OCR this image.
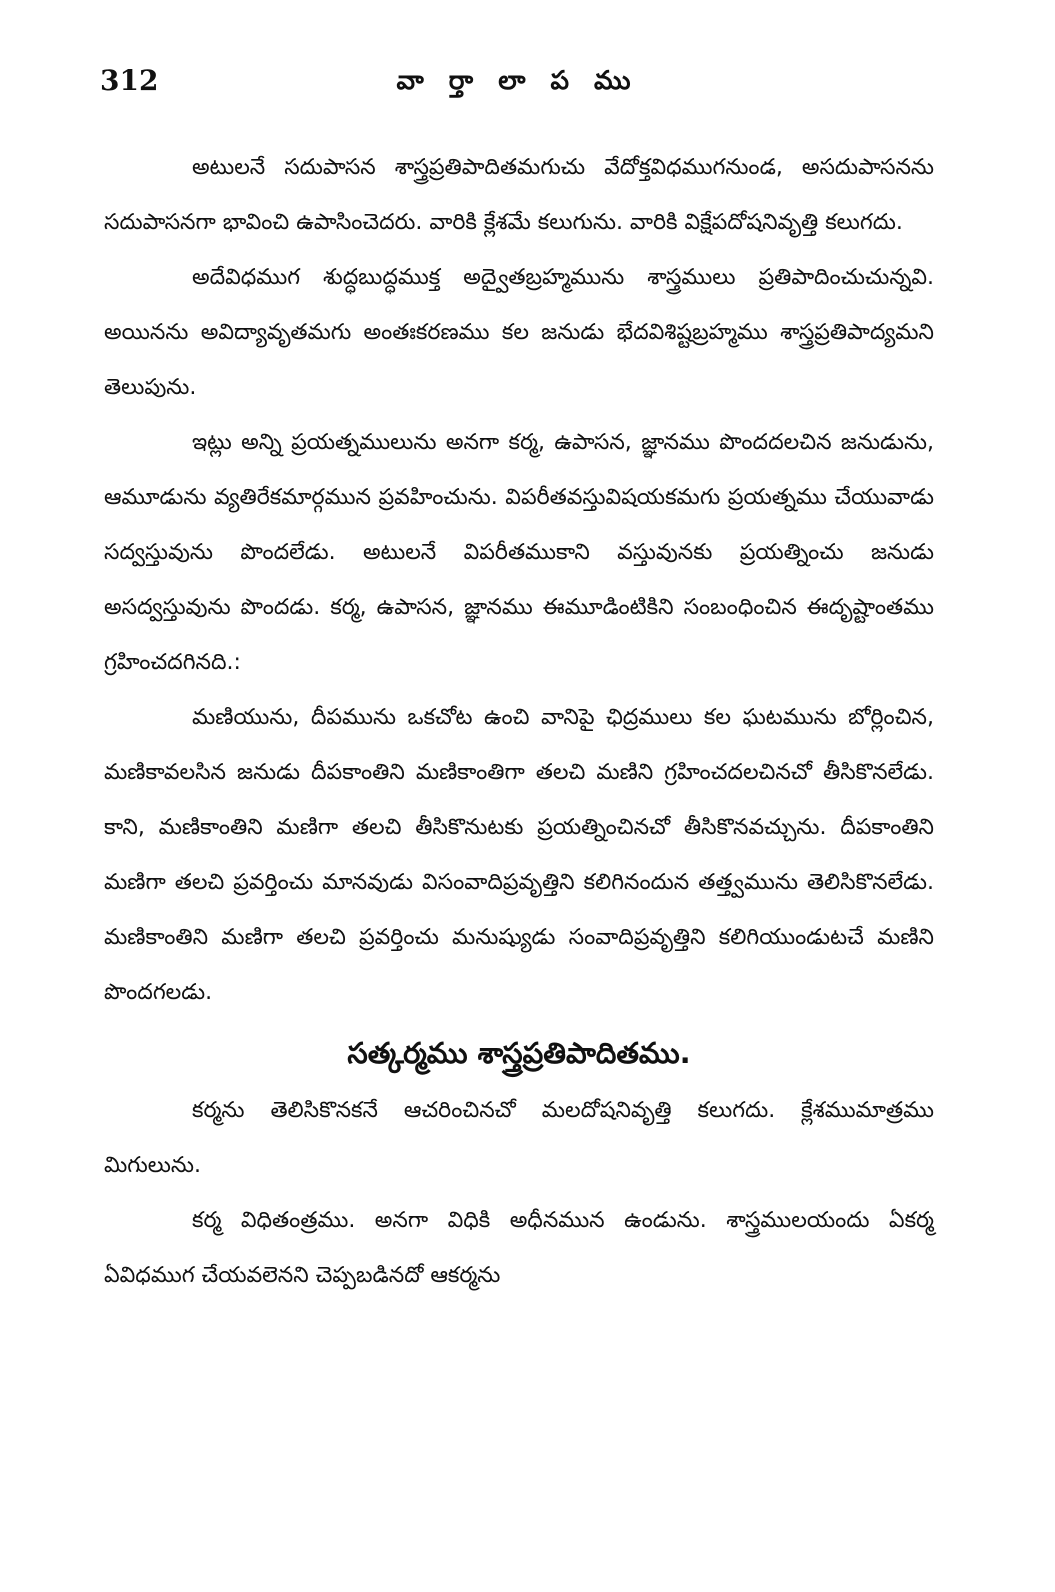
312	వా ర్తా లా ప ము

అటులనే సదుపాసన శాస్త్రప్రతిపాదితమగుచు వేదోక్తవిధముగనుండ, అసదుపాసనను సదుపాసనగా భావించి ఉపాసించెదరు. వారికి క్లేశమే కలుగును. వారికి విక్షేపదోషనివృత్తి కలుగదు.

అదేవిధముగ శుద్ధబుద్ధముక్త అద్వైతబ్రహ్మమును శాస్త్రములు ప్రతిపాదించుచున్నవి. అయినను అవిద్యావృతమగు అంతఃకరణము కల జనుడు భేదవిశిష్టబ్రహ్మము శాస్త్రప్రతిపాద్యమని తెలుపును.

ఇట్లు అన్ని ప్రయత్నములును అనగా కర్మ, ఉపాసన, జ్ఞానము పొందదలచిన జనుడును, ఆమూడును వ్యతిరేకమార్గమున ప్రవహించును. విపరీతవస్తువిషయకమగు ప్రయత్నము చేయువాడు సద్వస్తువును పొందలేడు. అటులనే విపరీతముకాని వస్తువునకు ప్రయత్నించు జనుడు అసద్వస్తువును పొందడు. కర్మ, ఉపాసన, జ్ఞానము ఈమూడింటికిని సంబంధించిన ఈదృష్టాంతము గ్రహించదగినది.:

మణియును, దీపమును ఒకచోట ఉంచి వానిపై ఛిద్రములు కల ఘటమును బోర్లించిన, మణికావలసిన జనుడు దీపకాంతిని మణికాంతిగా తలచి మణిని గ్రహించదలచినచో తీసికొనలేడు. కాని, మణికాంతిని మణిగా తలచి తీసికొనుటకు ప్రయత్నించినచో తీసికొనవచ్చును. దీపకాంతిని మణిగా తలచి ప్రవర్తించు మానవుడు విసంవాదిప్రవృత్తిని కలిగినందున తత్త్వమును తెలిసికొనలేడు. మణికాంతిని మణిగా తలచి ప్రవర్తించు మనుష్యుడు సంవాదిప్రవృత్తిని కలిగియుండుటచే మణిని పొందగలడు.

సత్కర్మము శాస్త్రప్రతిపాదితము.

కర్మను తెలిసికొనకనే ఆచరించినచో మలదోషనివృత్తి కలుగదు. క్లేశముమాత్రము మిగులును.

కర్మ విధితంత్రము. అనగా విధికి అధీనమున ఉండును. శాస్త్రములయందు ఏకర్మ ఏవిధముగ చేయవలెనని చెప్పబడినదో ఆకర్మను
